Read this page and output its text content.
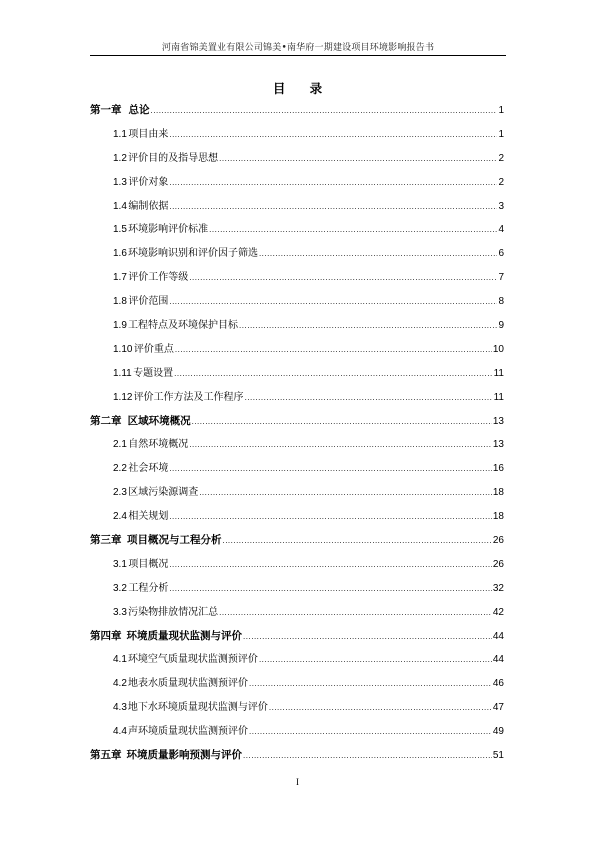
河南省锦美置业有限公司锦美•南华府一期建设项目环境影响报告书
目 录
第一章 总论 .....	1
1.1 项目由来 .....	1
1.2 评价目的及指导思想 .....	2
1.3 评价对象 .....	2
1.4 编制依据 .....	3
1.5 环境影响评价标准 .....	4
1.6 环境影响识别和评价因子筛选 .....	6
1.7 评价工作等级 .....	7
1.8 评价范围 .....	8
1.9 工程特点及环境保护目标 .....	9
1.10 评价重点 .....	10
1.11 专题设置 .....	11
1.12 评价工作方法及工作程序 .....	11
第二章 区域环境概况 .....	13
2.1 自然环境概况 .....	13
2.2 社会环境 .....	16
2.3 区域污染源调查 .....	18
2.4 相关规划 .....	18
第三章 项目概况与工程分析 .....	26
3.1 项目概况 .....	26
3.2 工程分析 .....	32
3.3 污染物排放情况汇总 .....	42
第四章 环境质量现状监测与评价 .....	44
4.1 环境空气质量现状监测预评价 .....	44
4.2 地表水质量现状监测预评价 .....	46
4.3 地下水环境质量现状监测与评价 .....	47
4.4 声环境质量现状监测预评价 .....	49
第五章 环境质量影响预测与评价 .....	51
I
